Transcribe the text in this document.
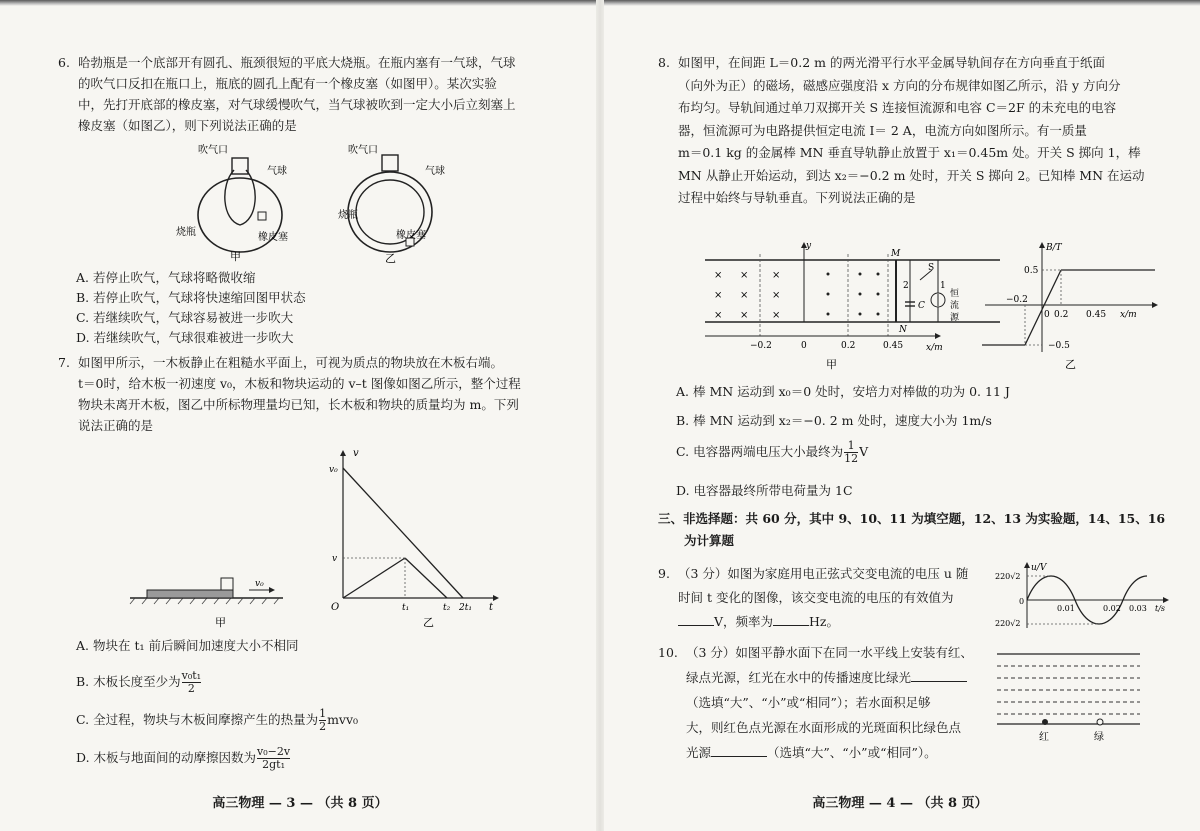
6. 哈勃瓶是一个底部开有圆孔、瓶颈很短的平底大烧瓶。在瓶内塞有一气球，气球
的吹气口反扣在瓶口上，瓶底的圆孔上配有一个橡皮塞（如图甲）。某次实验
中，先打开底部的橡皮塞，对气球缓慢吹气，当气球被吹到一定大小后立刻塞上
橡皮塞（如图乙），则下列说法正确的是
吹气口
气球
烧瓶	橡皮塞
甲
吹气口
气球
烧瓶
橡皮塞
乙
A. 若停止吹气，气球将略微收缩
B. 若停止吹气，气球将快速缩回图甲状态
C. 若继续吹气，气球容易被进一步吹大
D. 若继续吹气，气球很难被进一步吹大
7. 如图甲所示，一木板静止在粗糙水平面上，可视为质点的物块放在木板右端。
t＝0时，给木板一初速度 v₀，木板和物块运动的 v–t 图像如图乙所示，整个过程
物块未离开木板，图乙中所标物理量均已知，长木板和物块的质量均为 m。下列
说法正确的是
v₀
甲
v
v₀
v
O	t₁	t₂ 2t₁ t
乙
A. 物块在 t₁ 前后瞬间加速度大小不相同
B. 木板长度至少为 $\frac{\text{v₀t₁}}{2}$
C. 全过程，物块与木板间摩擦产生的热量为 $\frac{1}{2} mvv_0$
D. 木板与地面间的动摩擦因数为 $\frac{\text{v₀−2v}}{\text{2gt₁}}$
高三物理 — 3 — （共 8 页）
8. 如图甲，在间距 L＝0.2 m 的两光滑平行水平金属导轨间存在方向垂直于纸面
（向外为正）的磁场，磁感应强度沿 x 方向的分布规律如图乙所示，沿 y 方向分
布均匀。导轨间通过单刀双掷开关 S 连接恒流源和电容 C＝2F 的未充电的电容
器，恒流源可为电路提供恒定电流 I＝ 2 A，电流方向如图所示。有一质量
m＝0.1 kg 的金属棒 MN 垂直导轨静止放置于 x₁＝0.45m 处。开关 S 掷向 1，棒
MN 从静止开始运动，到达 x₂＝−0.2 m 处时，开关 S 掷向 2。已知棒 MN 在运动
过程中始终与导轨垂直。下列说法正确的是
× × ×
× × ×
× × ×
y
M
N
S
1
2
C
恒
流
源
−0.2	0	0.2	0.45	x/m
甲
B/T
0.5
−0.2
0 0.2 0.45 x/m
−0.5
乙
A. 棒 MN 运动到 x₀＝0 处时，安培力对棒做的功为 0. 11 J
B. 棒 MN 运动到 x₂＝−0. 2 m 处时，速度大小为 1m/s
C. 电容器两端电压大小最终为 $\frac{1}{12}$ V
D. 电容器最终所带电荷量为 1C
三、非选择题：共 60 分，其中 9、10、11 为填空题，12、13 为实验题，14、15、16
为计算题
9. （3 分）如图为家庭用电正弦式交变电流的电压 u 随
时间 t 变化的图像，该交变电流的电压的有效值为
V，频率为	Hz。
u/V
220√2
0
220√2
0.01	0.02 0.03 t/s
10. （3 分）如图平静水面下在同一水平线上安装有红、
绿点光源，红光在水中的传播速度比绿光
（选填“大”、“小”或“相同”）；若水面积足够
大，则红色点光源在水面形成的光斑面积比绿色点
光源	（选填“大”、“小”或“相同”）。
红	绿
高三物理 — 4 — （共 8 页）
